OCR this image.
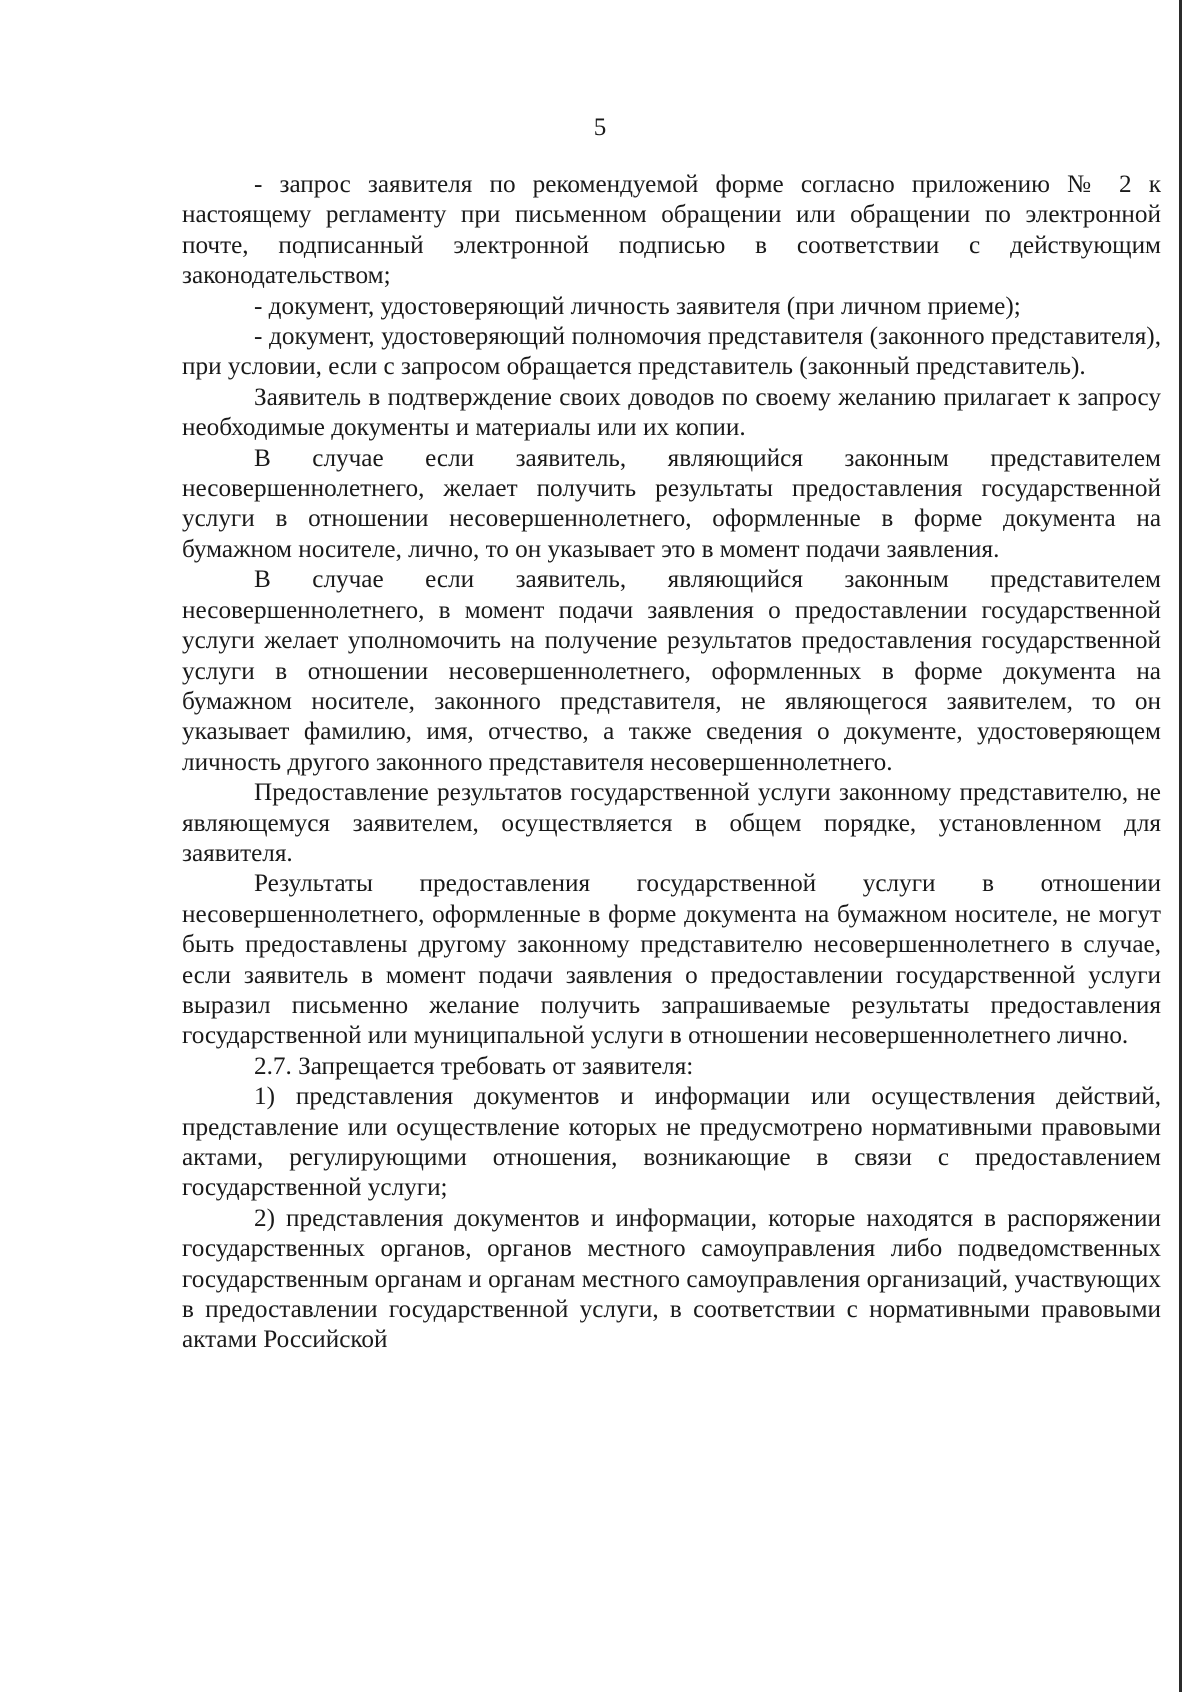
5

- запрос заявителя по рекомендуемой форме согласно приложению № 2 к настоящему регламенту при письменном обращении или обращении по электронной почте, подписанный электронной подписью в соответствии с действующим законодательством;

- документ, удостоверяющий личность заявителя (при личном приеме);

- документ, удостоверяющий полномочия представителя (законного представителя), при условии, если с запросом обращается представитель (законный представитель).

Заявитель в подтверждение своих доводов по своему желанию прилагает к запросу необходимые документы и материалы или их копии.

В случае если заявитель, являющийся законным представителем несовершеннолетнего, желает получить результаты предоставления государственной услуги в отношении несовершеннолетнего, оформленные в форме документа на бумажном носителе, лично, то он указывает это в момент подачи заявления.

В случае если заявитель, являющийся законным представителем несовершеннолетнего, в момент подачи заявления о предоставлении государственной услуги желает уполномочить на получение результатов предоставления государственной услуги в отношении несовершеннолетнего, оформленных в форме документа на бумажном носителе, законного представителя, не являющегося заявителем, то он указывает фамилию, имя, отчество, а также сведения о документе, удостоверяющем личность другого законного представителя несовершеннолетнего.

Предоставление результатов государственной услуги законному представителю, не являющемуся заявителем, осуществляется в общем порядке, установленном для заявителя.

Результаты предоставления государственной услуги в отношении несовершеннолетнего, оформленные в форме документа на бумажном носителе, не могут быть предоставлены другому законному представителю несовершеннолетнего в случае, если заявитель в момент подачи заявления о предоставлении государственной услуги выразил письменно желание получить запрашиваемые результаты предоставления государственной или муниципальной услуги в отношении несовершеннолетнего лично.

2.7. Запрещается требовать от заявителя:

1) представления документов и информации или осуществления действий, представление или осуществление которых не предусмотрено нормативными правовыми актами, регулирующими отношения, возникающие в связи с предоставлением государственной услуги;

2) представления документов и информации, которые находятся в распоряжении государственных органов, органов местного самоуправления либо подведомственных государственным органам и органам местного самоуправления организаций, участвующих в предоставлении государственной услуги, в соответствии с нормативными правовыми актами Российской
